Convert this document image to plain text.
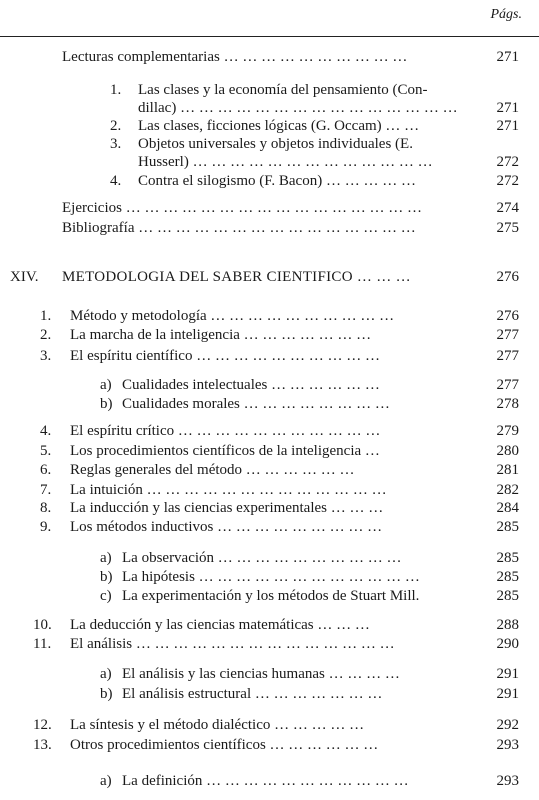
Págs.
Lecturas complementarias … … … … … … … … … …	271
1. Las clases y la economía del pensamiento (Con-
dillac) … … … … … … … … … … … … … … …	271
2. Las clases, ficciones lógicas (G. Occam) … …	271
3. Objetos universales y objetos individuales (E.
Husserl) … … … … … … … … … … … … …	272
4. Contra el silogismo (F. Bacon) … … … … …	272
Ejercicios … … … … … … … … … … … … … … … …	274
Bibliografía … … … … … … … … … … … … … … …	275
XIV. METODOLOGIA DEL SABER CIENTIFICO … … …	276
1. Método y metodología … … … … … … … … … …	276
2. La marcha de la inteligencia … … … … … … …	277
3. El espíritu científico … … … … … … … … … …	277
a) Cualidades intelectuales … … … … … …	277
b) Cualidades morales … … … … … … … …	278
4. El espíritu crítico … … … … … … … … … … …	279
5. Los procedimientos científicos de la inteligencia …	280
6. Reglas generales del método … … … … … …	281
7. La intuición … … … … … … … … … … … … …	282
8. La inducción y las ciencias experimentales … … …	284
9. Los métodos inductivos … … … … … … … … …	285
a) La observación … … … … … … … … … …	285
b) La hipótesis … … … … … … … … … … … …	285
c) La experimentación y los métodos de Stuart Mill.	285
10. La deducción y las ciencias matemáticas … … …	288
11. El análisis … … … … … … … … … … … … … …	290
a) El análisis y las ciencias humanas … … … …	291
b) El análisis estructural … … … … … … …	291
12. La síntesis y el método dialéctico … … … … …	292
13. Otros procedimientos científicos … … … … … …	293
a) La definición … … … … … … … … … … …	293
